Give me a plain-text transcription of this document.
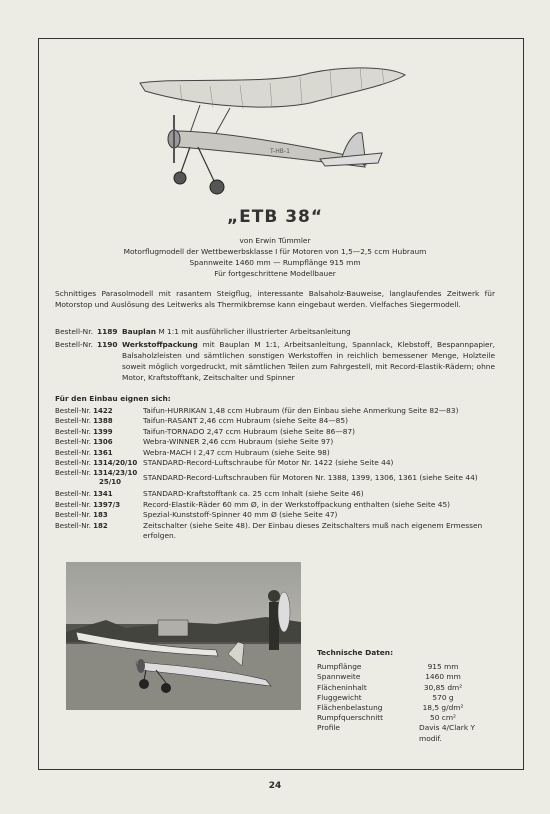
T-HB-1
„ETB 38“
von Erwin Tümmler
Motorflugmodell der Wettbewerbsklasse I für Motoren von 1,5—2,5 ccm Hubraum
Spannweite 1460 mm — Rumpflänge 915 mm
Für fortgeschrittene Modellbauer
Schnittiges Parasolmodell mit rasantem Steigflug, interessante Balsaholz-Bauweise, langlaufendes Zeitwerk für Motorstop und Auslösung des Leitwerks als Thermikbremse kann eingebaut werden. Vielfaches Siegermodell.
Bestell-Nr. 1189 Bauplan M 1:1 mit ausführlicher illustrierter Arbeitsanleitung
Bestell-Nr. 1190 Werkstoffpackung mit Bauplan M 1:1, Arbeitsanleitung, Spannlack, Klebstoff, Bespannpapier, Balsaholzleisten und sämtlichen sonstigen Werkstoffen in reichlich bemessener Menge, Holzteile soweit möglich vorgedruckt, mit sämtlichen Teilen zum Fahrgestell, mit Record-Elastik-Rädern; ohne Motor, Kraftstofftank, Zeitschalter und Spinner
Für den Einbau eignen sich:
Bestell-Nr. 1422	Taifun-HURRIKAN 1,48 ccm Hubraum (für den Einbau siehe Anmerkung Seite 82—83)
Bestell-Nr. 1388	Taifun-RASANT 2,46 ccm Hubraum (siehe Seite 84—85)
Bestell-Nr. 1399	Taifun-TORNADO 2,47 ccm Hubraum (siehe Seite 86—87)
Bestell-Nr. 1306	Webra-WINNER 2,46 ccm Hubraum (siehe Seite 97)
Bestell-Nr. 1361	Webra-MACH I 2,47 ccm Hubraum (siehe Seite 98)
Bestell-Nr. 1314/20/10 STANDARD-Record-Luftschraube für Motor Nr. 1422 (siehe Seite 44)
Bestell-Nr. 1314/23/10
25/10	STANDARD-Record-Luftschrauben für Motoren Nr. 1388, 1399, 1306, 1361 (siehe Seite 44)
Bestell-Nr. 1341	STANDARD-Kraftstofftank ca. 25 ccm Inhalt (siehe Seite 46)
Bestell-Nr. 1397/3	Record-Elastik-Räder 60 mm Ø, in der Werkstoffpackung enthalten (siehe Seite 45)
Bestell-Nr. 183	Spezial-Kunststoff-Spinner 40 mm Ø (siehe Seite 47)
Bestell-Nr. 182	Zeitschalter (siehe Seite 48). Der Einbau dieses Zeitschalters muß nach eigenem Ermessen erfolgen.
Technische Daten:
Rumpflänge	915 mm
Spannweite	1460 mm
Flächeninhalt	30,85 dm²
Fluggewicht	570 g
Flächenbelastung	18,5 g/dm²
Rumpfquerschnitt	50 cm²
Profile	Davis 4/Clark Y modif.
24
